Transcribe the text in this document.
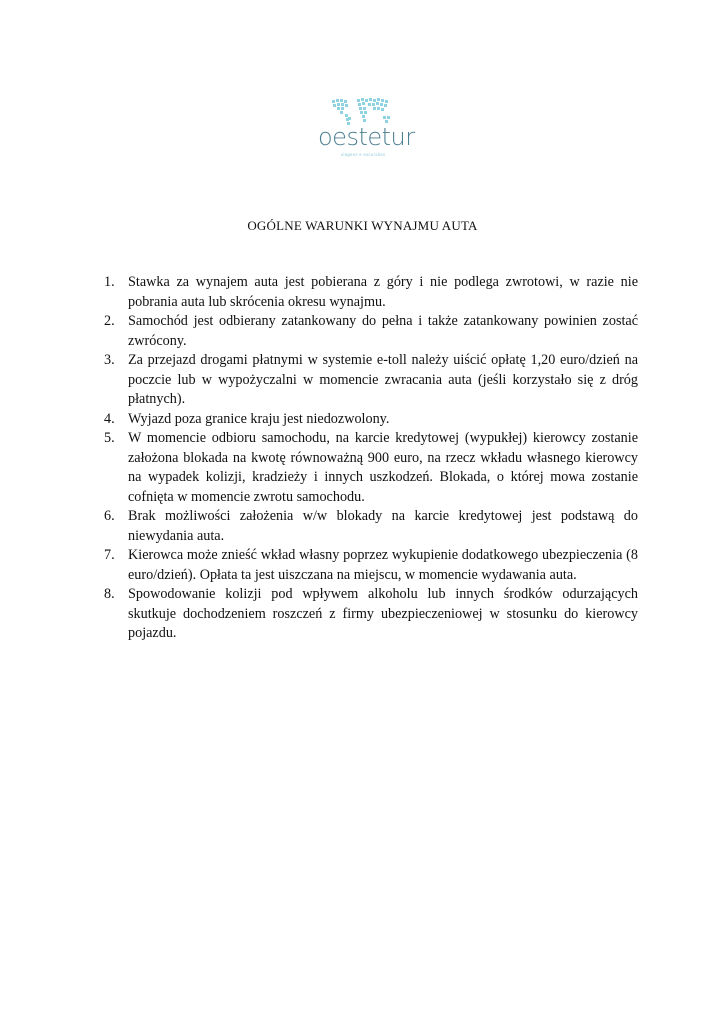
oestetur
viagens e excursões
OGÓLNE WARUNKI WYNAJMU AUTA
1. Stawka za wynajem auta jest pobierana z góry i nie podlega zwrotowi, w razie nie pobrania auta lub skrócenia okresu wynajmu.
2. Samochód jest odbierany zatankowany do pełna i także zatankowany powinien zostać zwrócony.
3. Za przejazd drogami płatnymi w systemie e-toll należy uiścić opłatę 1,20 euro/dzień na poczcie lub w wypożyczalni w momencie zwracania auta (jeśli korzystało się z dróg płatnych).
4. Wyjazd poza granice kraju jest niedozwolony.
5. W momencie odbioru samochodu, na karcie kredytowej (wypukłej) kierowcy zostanie założona blokada na kwotę równoważną 900 euro, na rzecz wkładu własnego kierowcy na wypadek kolizji, kradzieży i innych uszkodzeń. Blokada, o której mowa zostanie cofnięta w momencie zwrotu samochodu.
6. Brak możliwości założenia w/w blokady na karcie kredytowej jest podstawą do niewydania auta.
7. Kierowca może znieść wkład własny poprzez wykupienie dodatkowego ubezpieczenia (8 euro/dzień). Opłata ta jest uiszczana na miejscu, w momencie wydawania auta.
8. Spowodowanie kolizji pod wpływem alkoholu lub innych środków odurzających skutkuje dochodzeniem roszczeń z firmy ubezpieczeniowej w stosunku do kierowcy pojazdu.
